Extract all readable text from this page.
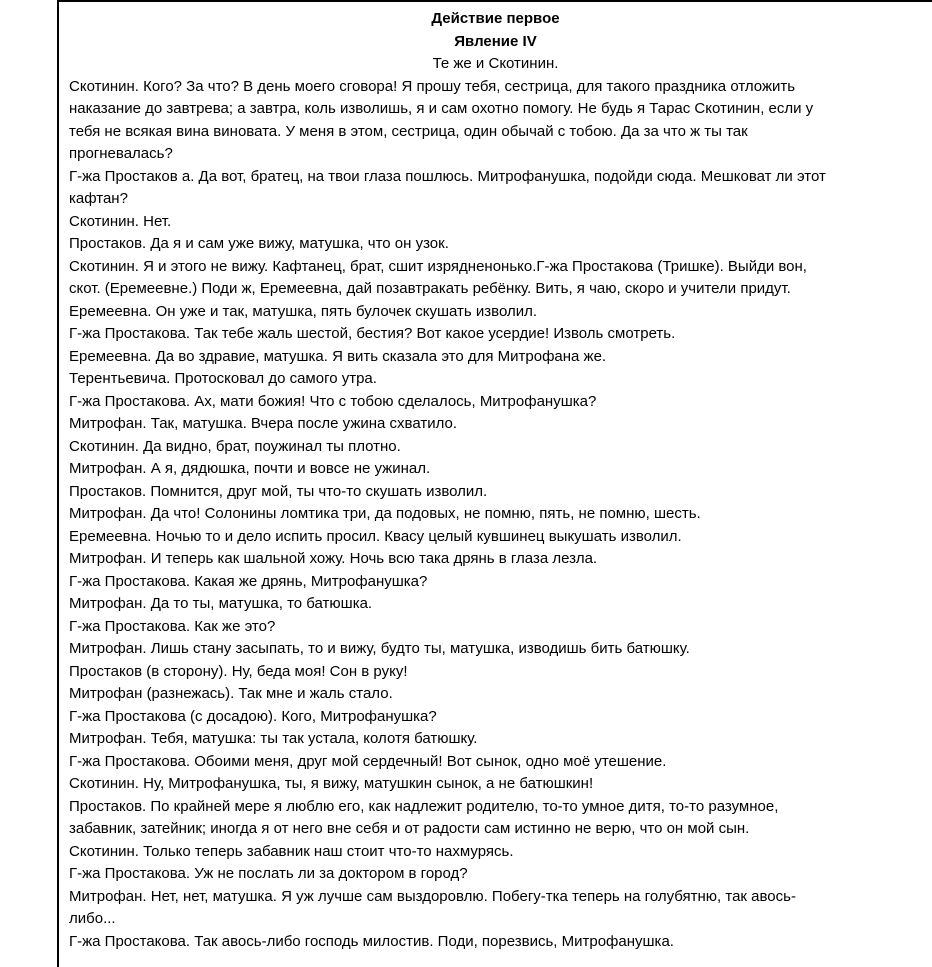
Действие первое
Явление IV
Те же и Скотинин.
Скотинин. Кого? За что? В день моего сговора! Я прошу тебя, сестрица, для такого праздника отложить
наказание до завтрева; а завтра, коль изволишь, я и сам охотно помогу. Не будь я Тарас Скотинин, если у
тебя не всякая вина виновата. У меня в этом, сестрица, один обычай с тобою. Да за что ж ты так
прогневалась?
Г-жа Простаков а. Да вот, братец, на твои глаза пошлюсь. Митрофанушка, подойди сюда. Мешковат ли этот
кафтан?
Скотинин. Нет.
Простаков. Да я и сам уже вижу, матушка, что он узок.
Скотинин. Я и этого не вижу. Кафтанец, брат, сшит изрядненонько.Г-жа Простакова (Тришке). Выйди вон,
скот. (Еремеевне.) Поди ж, Еремеевна, дай позавтракать ребёнку. Вить, я чаю, скоро и учители придут.
Еремеевна. Он уже и так, матушка, пять булочек скушать изволил.
Г-жа Простакова. Так тебе жаль шестой, бестия? Вот какое усердие! Изволь смотреть.
Еремеевна. Да во здравие, матушка. Я вить сказала это для Митрофана же.
Терентьевича. Протосковал до самого утра.
Г-жа Простакова. Ах, мати божия! Что с тобою сделалось, Митрофанушка?
Митрофан. Так, матушка. Вчера после ужина схватило.
Скотинин. Да видно, брат, поужинал ты плотно.
Митрофан. А я, дядюшка, почти и вовсе не ужинал.
Простаков. Помнится, друг мой, ты что-то скушать изволил.
Митрофан. Да что! Солонины ломтика три, да подовых, не помню, пять, не помню, шесть.
Еремеевна. Ночью то и дело испить просил. Квасу целый кувшинец выкушать изволил.
Митрофан. И теперь как шальной хожу. Ночь всю така дрянь в глаза лезла.
Г-жа Простакова. Какая же дрянь, Митрофанушка?
Митрофан. Да то ты, матушка, то батюшка.
Г-жа Простакова. Как же это?
Митрофан. Лишь стану засыпать, то и вижу, будто ты, матушка, изводишь бить батюшку.
Простаков (в сторону). Ну, беда моя! Сон в руку!
Митрофан (разнежась). Так мне и жаль стало.
Г-жа Простакова (с досадою). Кого, Митрофанушка?
Митрофан. Тебя, матушка: ты так устала, колотя батюшку.
Г-жа Простакова. Обоими меня, друг мой сердечный! Вот сынок, одно моё утешение.
Скотинин. Ну, Митрофанушка, ты, я вижу, матушкин сынок, а не батюшкин!
Простаков. По крайней мере я люблю его, как надлежит родителю, то-то умное дитя, то-то разумное,
забавник, затейник; иногда я от него вне себя и от радости сам истинно не верю, что он мой сын.
Скотинин. Только теперь забавник наш стоит что-то нахмурясь.
Г-жа Простакова. Уж не послать ли за доктором в город?
Митрофан. Нет, нет, матушка. Я уж лучше сам выздоровлю. Побегу-тка теперь на голубятню, так авось-
либо...
Г-жа Простакова. Так авось-либо господь милостив. Поди, порезвись, Митрофанушка.
